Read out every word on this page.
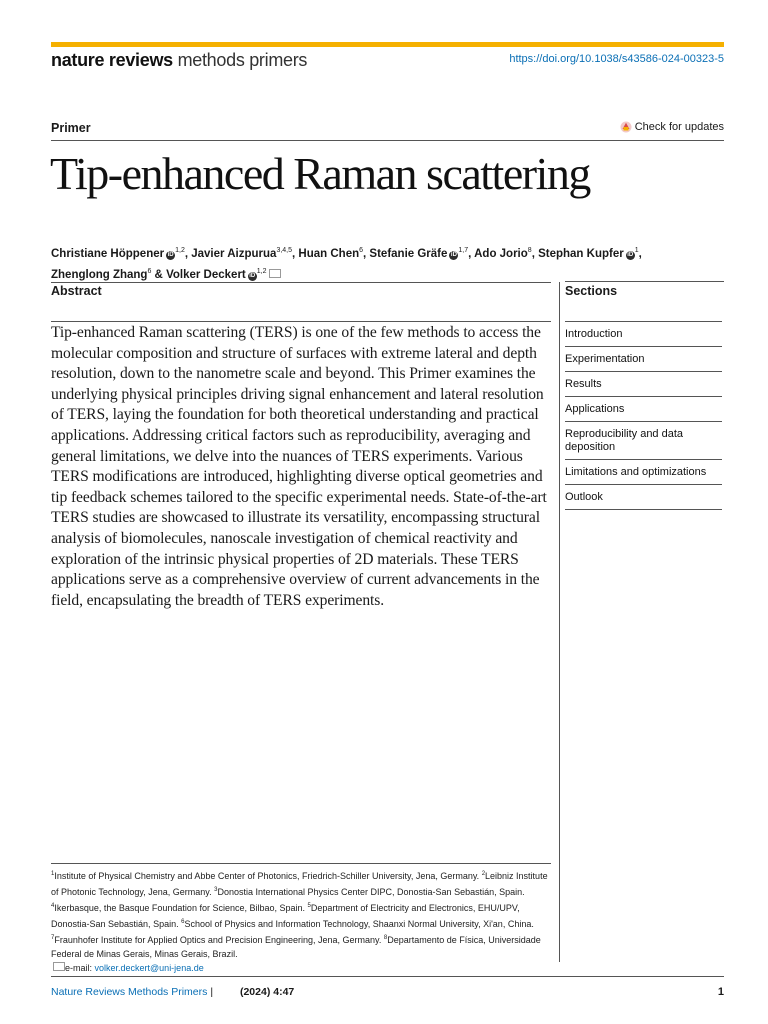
nature reviews methods primers	https://doi.org/10.1038/s43586-024-00323-5
Primer	Check for updates
Tip-enhanced Raman scattering
Christiane Höppener iD$^{1,2}$, Javier Aizpurua$^{3,4,5}$, Huan Chen$^6$, Stefanie Gräfe iD$^{1,7}$, Ado Jorio$^8$, Stephan Kupfer $iD^1$, Zhenglong Zhang$^6$ & Volker Deckert iD$^{1,2}$
Abstract
Tip-enhanced Raman scattering (TERS) is one of the few methods to access the molecular composition and structure of surfaces with extreme lateral and depth resolution, down to the nanometre scale and beyond. This Primer examines the underlying physical principles driving signal enhancement and lateral resolution of TERS, laying the foundation for both theoretical understanding and practical applications. Addressing critical factors such as reproducibility, averaging and general limitations, we delve into the nuances of TERS experiments. Various TERS modifications are introduced, highlighting diverse optical geometries and tip feedback schemes tailored to the specific experimental needs. State-of-the-art TERS studies are showcased to illustrate its versatility, encompassing structural analysis of biomolecules, nanoscale investigation of chemical reactivity and exploration of the intrinsic physical properties of 2D materials. These TERS applications serve as a comprehensive overview of current advancements in the field, encapsulating the breadth of TERS experiments.
Sections
Introduction
Experimentation
Results
Applications
Reproducibility and data deposition
Limitations and optimizations
Outlook
$^1$Institute of Physical Chemistry and Abbe Center of Photonics, Friedrich-Schiller University, Jena, Germany. $^2$Leibniz Institute of Photonic Technology, Jena, Germany. $^3$Donostia International Physics Center DIPC, Donostia-San Sebastián, Spain. $^4$Ikerbasque, the Basque Foundation for Science, Bilbao, Spain. $^5$Department of Electricity and Electronics, EHU/UPV, Donostia-San Sebastián, Spain. $^6$School of Physics and Information Technology, Shaanxi Normal University, Xi'an, China. $^7$Fraunhofer Institute for Applied Optics and Precision Engineering, Jena, Germany. $^8$Departamento de Física, Universidade Federal de Minas Gerais, Minas Gerais, Brazil.
e-mail: volker.deckert@uni-jena.de
Nature Reviews Methods Primers |	(2024) 4:47	1
